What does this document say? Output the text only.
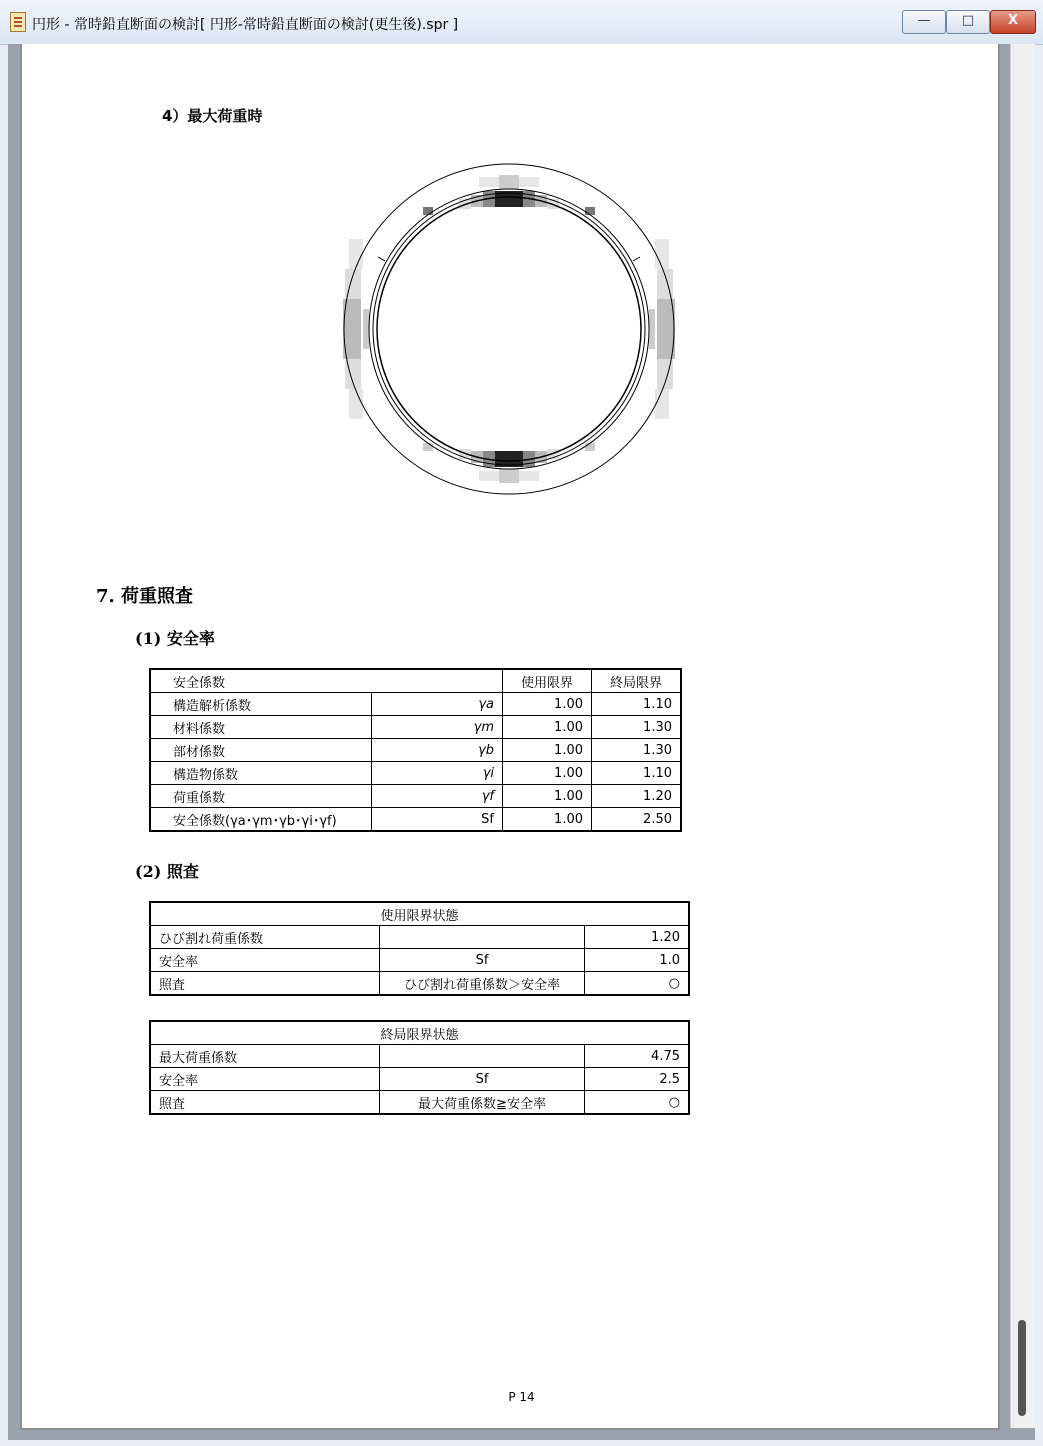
円形 - 常時鉛直断面の検討[ 円形-常時鉛直断面の検討(更生後).spr ]	—	□	X
4）最大荷重時
7. 荷重照査
(1) 安全率
安全係数		使用限界	終局限界
構造解析係数	γa	1.00	1.10
材料係数	γm	1.00	1.30
部材係数	γb	1.00	1.30
構造物係数	γi	1.00	1.10
荷重係数	γf	1.00	1.20
安全係数(γa･γm･γb･γi･γf)	Sf	1.00	2.50
(2) 照査
使用限界状態		
ひび割れ荷重係数		1.20
安全率	Sf	1.0
照査	ひび割れ荷重係数＞安全率	○
終局限界状態		
最大荷重係数		4.75
安全率	Sf	2.5
照査	最大荷重係数≧安全率	○
P 14
